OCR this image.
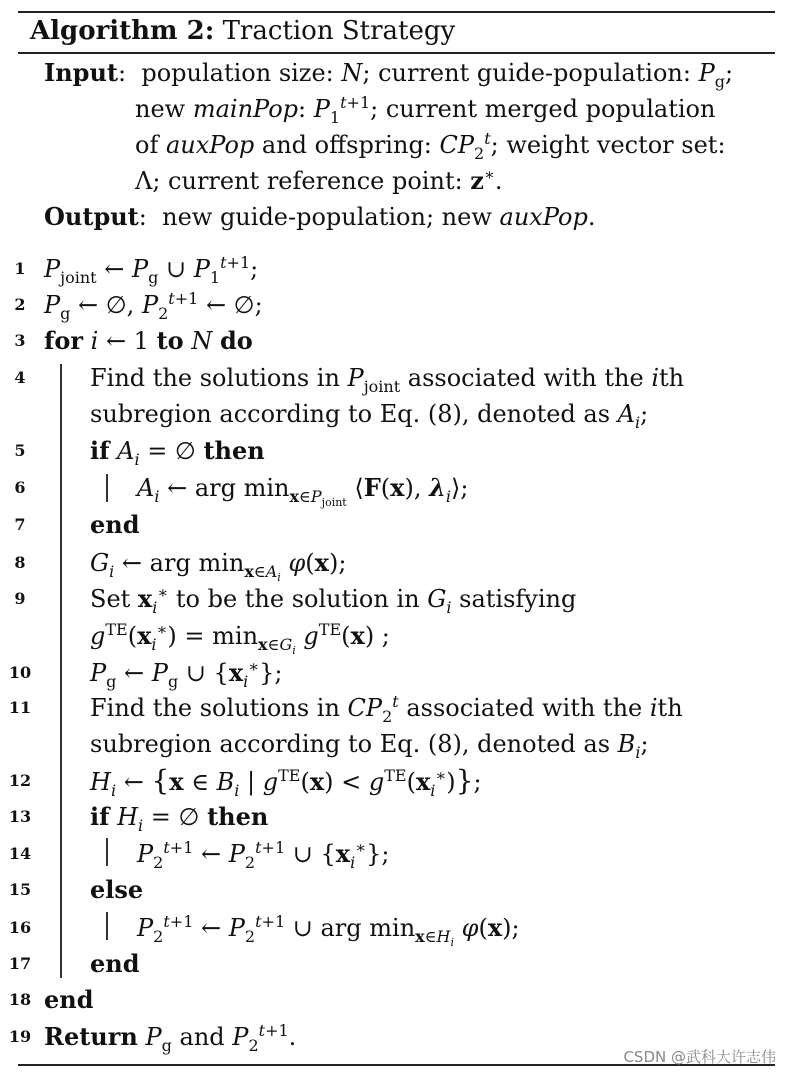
Algorithm 2: Traction Strategy
Input:  population size: N; current guide-population: $P_g$;
new mainPop: $P_1^{t+1}$; current merged population
of auxPop and offspring: $CP_2^t$; weight vector set:
Λ; current reference point: z∗.
Output:  new guide-population; new auxPop.
1 $P_{joint}$ ← $P_g$ ∪ $P_1^{t+1}$;
2 $P_g$ ← ∅, $P_2^{t+1}$ ← ∅;
3 for i ← 1 to N do
4	Find the solutions in $P_{joint}$ associated with the ith
subregion according to Eq. (8), denoted as $A_i$;
5	if $A_i$ = ∅ then
6	$A_i$ ← arg $\min_{x\in P_{joint}}$ ⟨F(x), $\lambda_i⟩$;
7	end
8	$G_i$ ← arg $\min_{x\in A_i} \varphi(x)$;
9	Set $x_i^∗$ to be the solution in $G_i$ satisfying
$g^{TE}(x_i^∗) = \min_{x\in G_i} g^{TE}(x)$ ;
10 $P_g$ ← $P_g$ ∪ $\{x_i^∗\}$;
11 Find the solutions in $CP_2^t$ associated with the ith
subregion according to Eq. (8), denoted as $B_i$;
12 $H_i$ ← {x ∈ $B_i$ | $g^{TE}(x) < g^{TE}(x_i^∗)$};
13 if $H_i$ = ∅ then
14	$P_2^{t+1}$ ← $P_2^{t+1}$ ∪ $\{x_i^∗\}$;
15 else
16	$P_2^{t+1}$ ← $P_2^{t+1}$ ∪ arg $\min_{x\in H_i} \varphi(x)$;
17 end
18 end
19 Return $P_g$ and $P_2^{t+1}$.
CSDN @武科大许志伟
